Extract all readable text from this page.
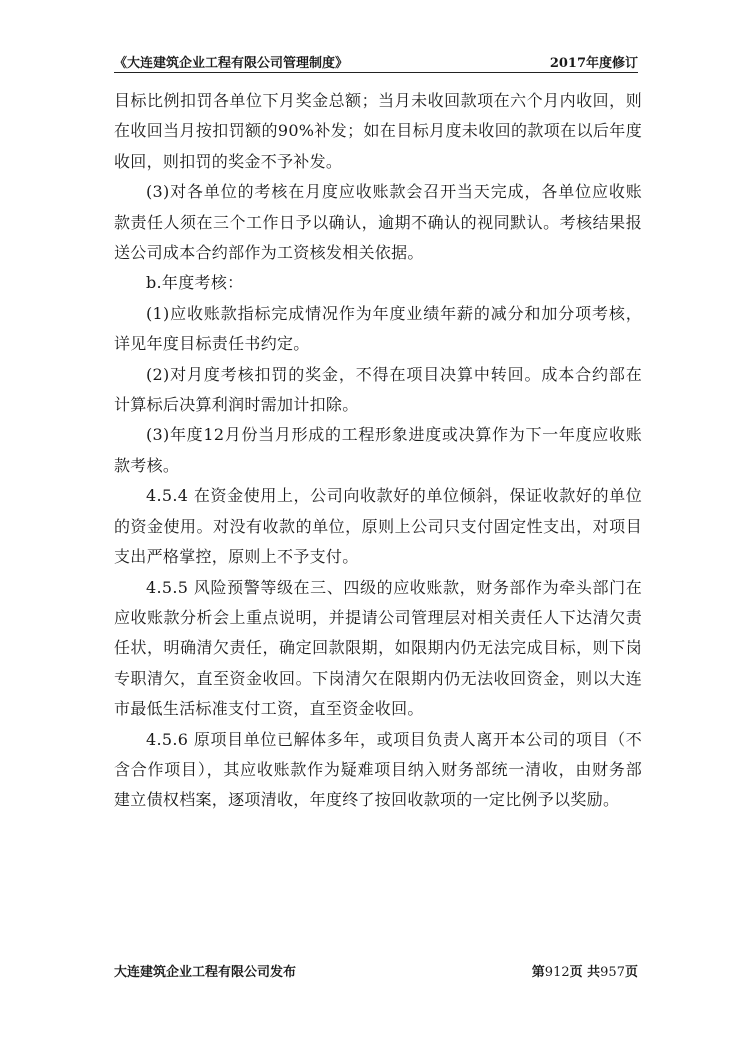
《大连建筑企业工程有限公司管理制度》	2017年度修订

目标比例扣罚各单位下月奖金总额；当月未收回款项在六个月内收回，则在收回当月按扣罚额的90%补发；如在目标月度未收回的款项在以后年度收回，则扣罚的奖金不予补发。

(3)对各单位的考核在月度应收账款会召开当天完成，各单位应收账款责任人须在三个工作日予以确认，逾期不确认的视同默认。考核结果报送公司成本合约部作为工资核发相关依据。

b.年度考核：

(1)应收账款指标完成情况作为年度业绩年薪的减分和加分项考核，详见年度目标责任书约定。

(2)对月度考核扣罚的奖金，不得在项目决算中转回。成本合约部在计算标后决算利润时需加计扣除。

(3)年度12月份当月形成的工程形象进度或决算作为下一年度应收账款考核。

4.5.4 在资金使用上，公司向收款好的单位倾斜，保证收款好的单位的资金使用。对没有收款的单位，原则上公司只支付固定性支出，对项目支出严格掌控，原则上不予支付。

4.5.5 风险预警等级在三、四级的应收账款，财务部作为牵头部门在应收账款分析会上重点说明，并提请公司管理层对相关责任人下达清欠责任状，明确清欠责任，确定回款限期，如限期内仍无法完成目标，则下岗专职清欠，直至资金收回。下岗清欠在限期内仍无法收回资金，则以大连市最低生活标准支付工资，直至资金收回。

4.5.6 原项目单位已解体多年，或项目负责人离开本公司的项目（不含合作项目），其应收账款作为疑难项目纳入财务部统一清收，由财务部建立债权档案，逐项清收，年度终了按回收款项的一定比例予以奖励。

大连建筑企业工程有限公司发布	第912页 共957页
